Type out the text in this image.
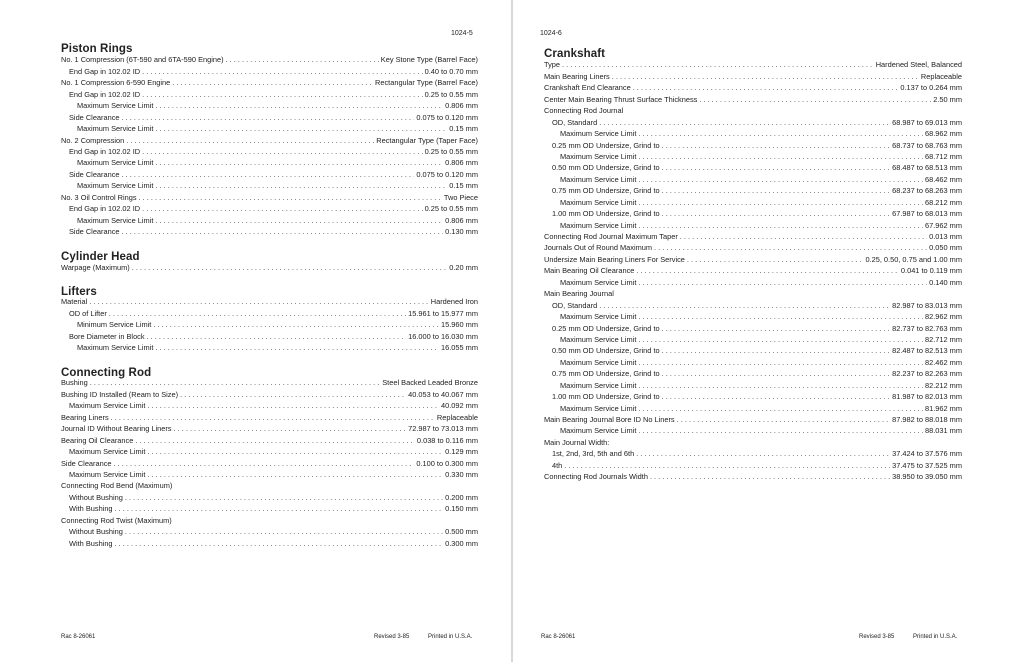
1024-5
Piston Rings
No. 1 Compression (6T-590 and 6TA-590 Engine) . . .	Key Stone Type (Barrel Face)
End Gap in 102.02 ID . . .	0.40 to 0.70 mm
No. 1 Compression 6-590 Engine . . .	Rectangular Type (Barrel Face)
End Gap in 102.02 ID . . .	0.25 to 0.55 mm
Maximum Service Limit . . .	0.806 mm
Side Clearance . . .	0.075 to 0.120 mm
Maximum Service Limit . . .	0.15 mm
No. 2 Compression . . .	Rectangular Type (Taper Face)
End Gap in 102.02 ID . . .	0.25 to 0.55 mm
Maximum Service Limit . . .	0.806 mm
Side Clearance . . .	0.075 to 0.120 mm
Maximum Service Limit . . .	0.15 mm
No. 3 Oil Control Rings . . .	Two Piece
End Gap in 102.02 ID . . .	0.25 to 0.55 mm
Maximum Service Limit . . .	0.806 mm
Side Clearance . . .	0.130 mm
Cylinder Head
Warpage (Maximum) . . .	0.20 mm
Lifters
Material . . .	Hardened Iron
OD of Lifter . . .	15.961 to 15.977 mm
Minimum Service Limit . . .	15.960 mm
Bore Diameter in Block . . .	16.000 to 16.030 mm
Maximum Service Limit . . .	16.055 mm
Connecting Rod
Bushing . . .	Steel Backed Leaded Bronze
Bushing ID Installed (Ream to Size) . . .	40.053 to 40.067 mm
Maximum Service Limit . . .	40.092 mm
Bearing Liners . . .	Replaceable
Journal ID Without Bearing Liners . . .	72.987 to 73.013 mm
Bearing Oil Clearance . . .	0.038 to 0.116 mm
Maximum Service Limit . . .	0.129 mm
Side Clearance . . .	0.100 to 0.300 mm
Maximum Service Limit . . .	0.330 mm
Connecting Rod Bend (Maximum)
Without Bushing . . .	0.200 mm
With Bushing . . .	0.150 mm
Connecting Rod Twist (Maximum)
Without Bushing . . .	0.500 mm
With Bushing . . .	0.300 mm
Rac 8-26061	Revised 3-85	Printed in U.S.A.
1024-6
Crankshaft
Type . . .	Hardened Steel, Balanced
Main Bearing Liners . . .	Replaceable
Crankshaft End Clearance . . .	0.137 to 0.264 mm
Center Main Bearing Thrust Surface Thickness . . .	2.50 mm
Connecting Rod Journal
OD, Standard . . .	68.987 to 69.013 mm
Maximum Service Limit . . .	68.962 mm
0.25 mm OD Undersize, Grind to . . .	68.737 to 68.763 mm
Maximum Service Limit . . .	68.712 mm
0.50 mm OD Undersize, Grind to . . .	68.487 to 68.513 mm
Maximum Service Limit . . .	68.462 mm
0.75 mm OD Undersize, Grind to . . .	68.237 to 68.263 mm
Maximum Service Limit . . .	68.212 mm
1.00 mm OD Undersize, Grind to . . .	67.987 to 68.013 mm
Maximum Service Limit . . .	67.962 mm
Connecting Rod Journal Maximum Taper . . .	0.013 mm
Journals Out of Round Maximum . . .	0.050 mm
Undersize Main Bearing Liners For Service . . .	0.25, 0.50, 0.75 and 1.00 mm
Main Bearing Oil Clearance . . .	0.041 to 0.119 mm
Maximum Service Limit . . .	0.140 mm
Main Bearing Journal
OD, Standard . . .	82.987 to 83.013 mm
Maximum Service Limit . . .	82.962 mm
0.25 mm OD Undersize, Grind to . . .	82.737 to 82.763 mm
Maximum Service Limit . . .	82.712 mm
0.50 mm OD Undersize, Grind to . . .	82.487 to 82.513 mm
Maximum Service Limit . . .	82.462 mm
0.75 mm OD Undersize, Grind to . . .	82.237 to 82.263 mm
Maximum Service Limit . . .	82.212 mm
1.00 mm OD Undersize, Grind to . . .	81.987 to 82.013 mm
Maximum Service Limit . . .	81.962 mm
Main Bearing Journal Bore ID No Liners . . .	87.982 to 88.018 mm
Maximum Service Limit . . .	88.031 mm
Main Journal Width:
1st, 2nd, 3rd, 5th and 6th . . .	37.424 to 37.576 mm
4th . . .	37.475 to 37.525 mm
Connecting Rod Journals Width . . .	38.950 to 39.050 mm
Rac 8-26061	Revised 3-85	Printed in U.S.A.
